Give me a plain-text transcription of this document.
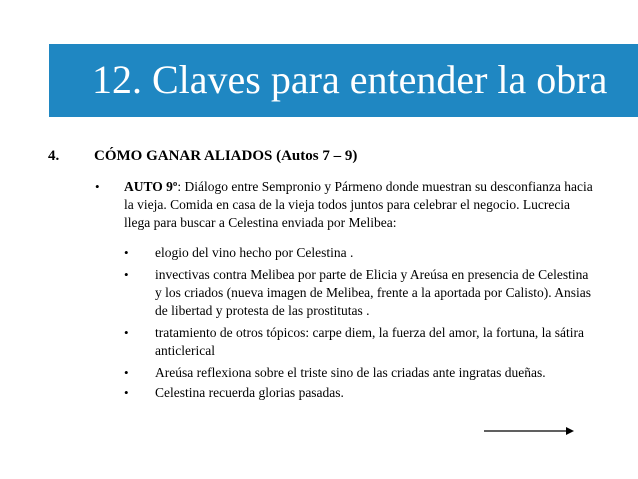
12. Claves para entender la obra
4. CÓMO GANAR ALIADOS (Autos 7 – 9)
• AUTO 9º: Diálogo entre Sempronio y Pármeno donde muestran su desconfianza hacia la vieja. Comida en casa de la vieja todos juntos para celebrar el negocio. Lucrecia llega para buscar a Celestina enviada por Melibea:
• elogio del vino hecho por Celestina .
• invectivas contra Melibea por parte de Elicia y Areúsa en presencia de Celestina y los criados (nueva imagen de Melibea, frente a la aportada por Calisto). Ansias de libertad y protesta de las prostitutas .
• tratamiento de otros tópicos: carpe diem, la fuerza del amor, la fortuna, la sátira anticlerical
• Areúsa reflexiona sobre el triste sino de las criadas ante ingratas dueñas.
• Celestina recuerda glorias pasadas.
